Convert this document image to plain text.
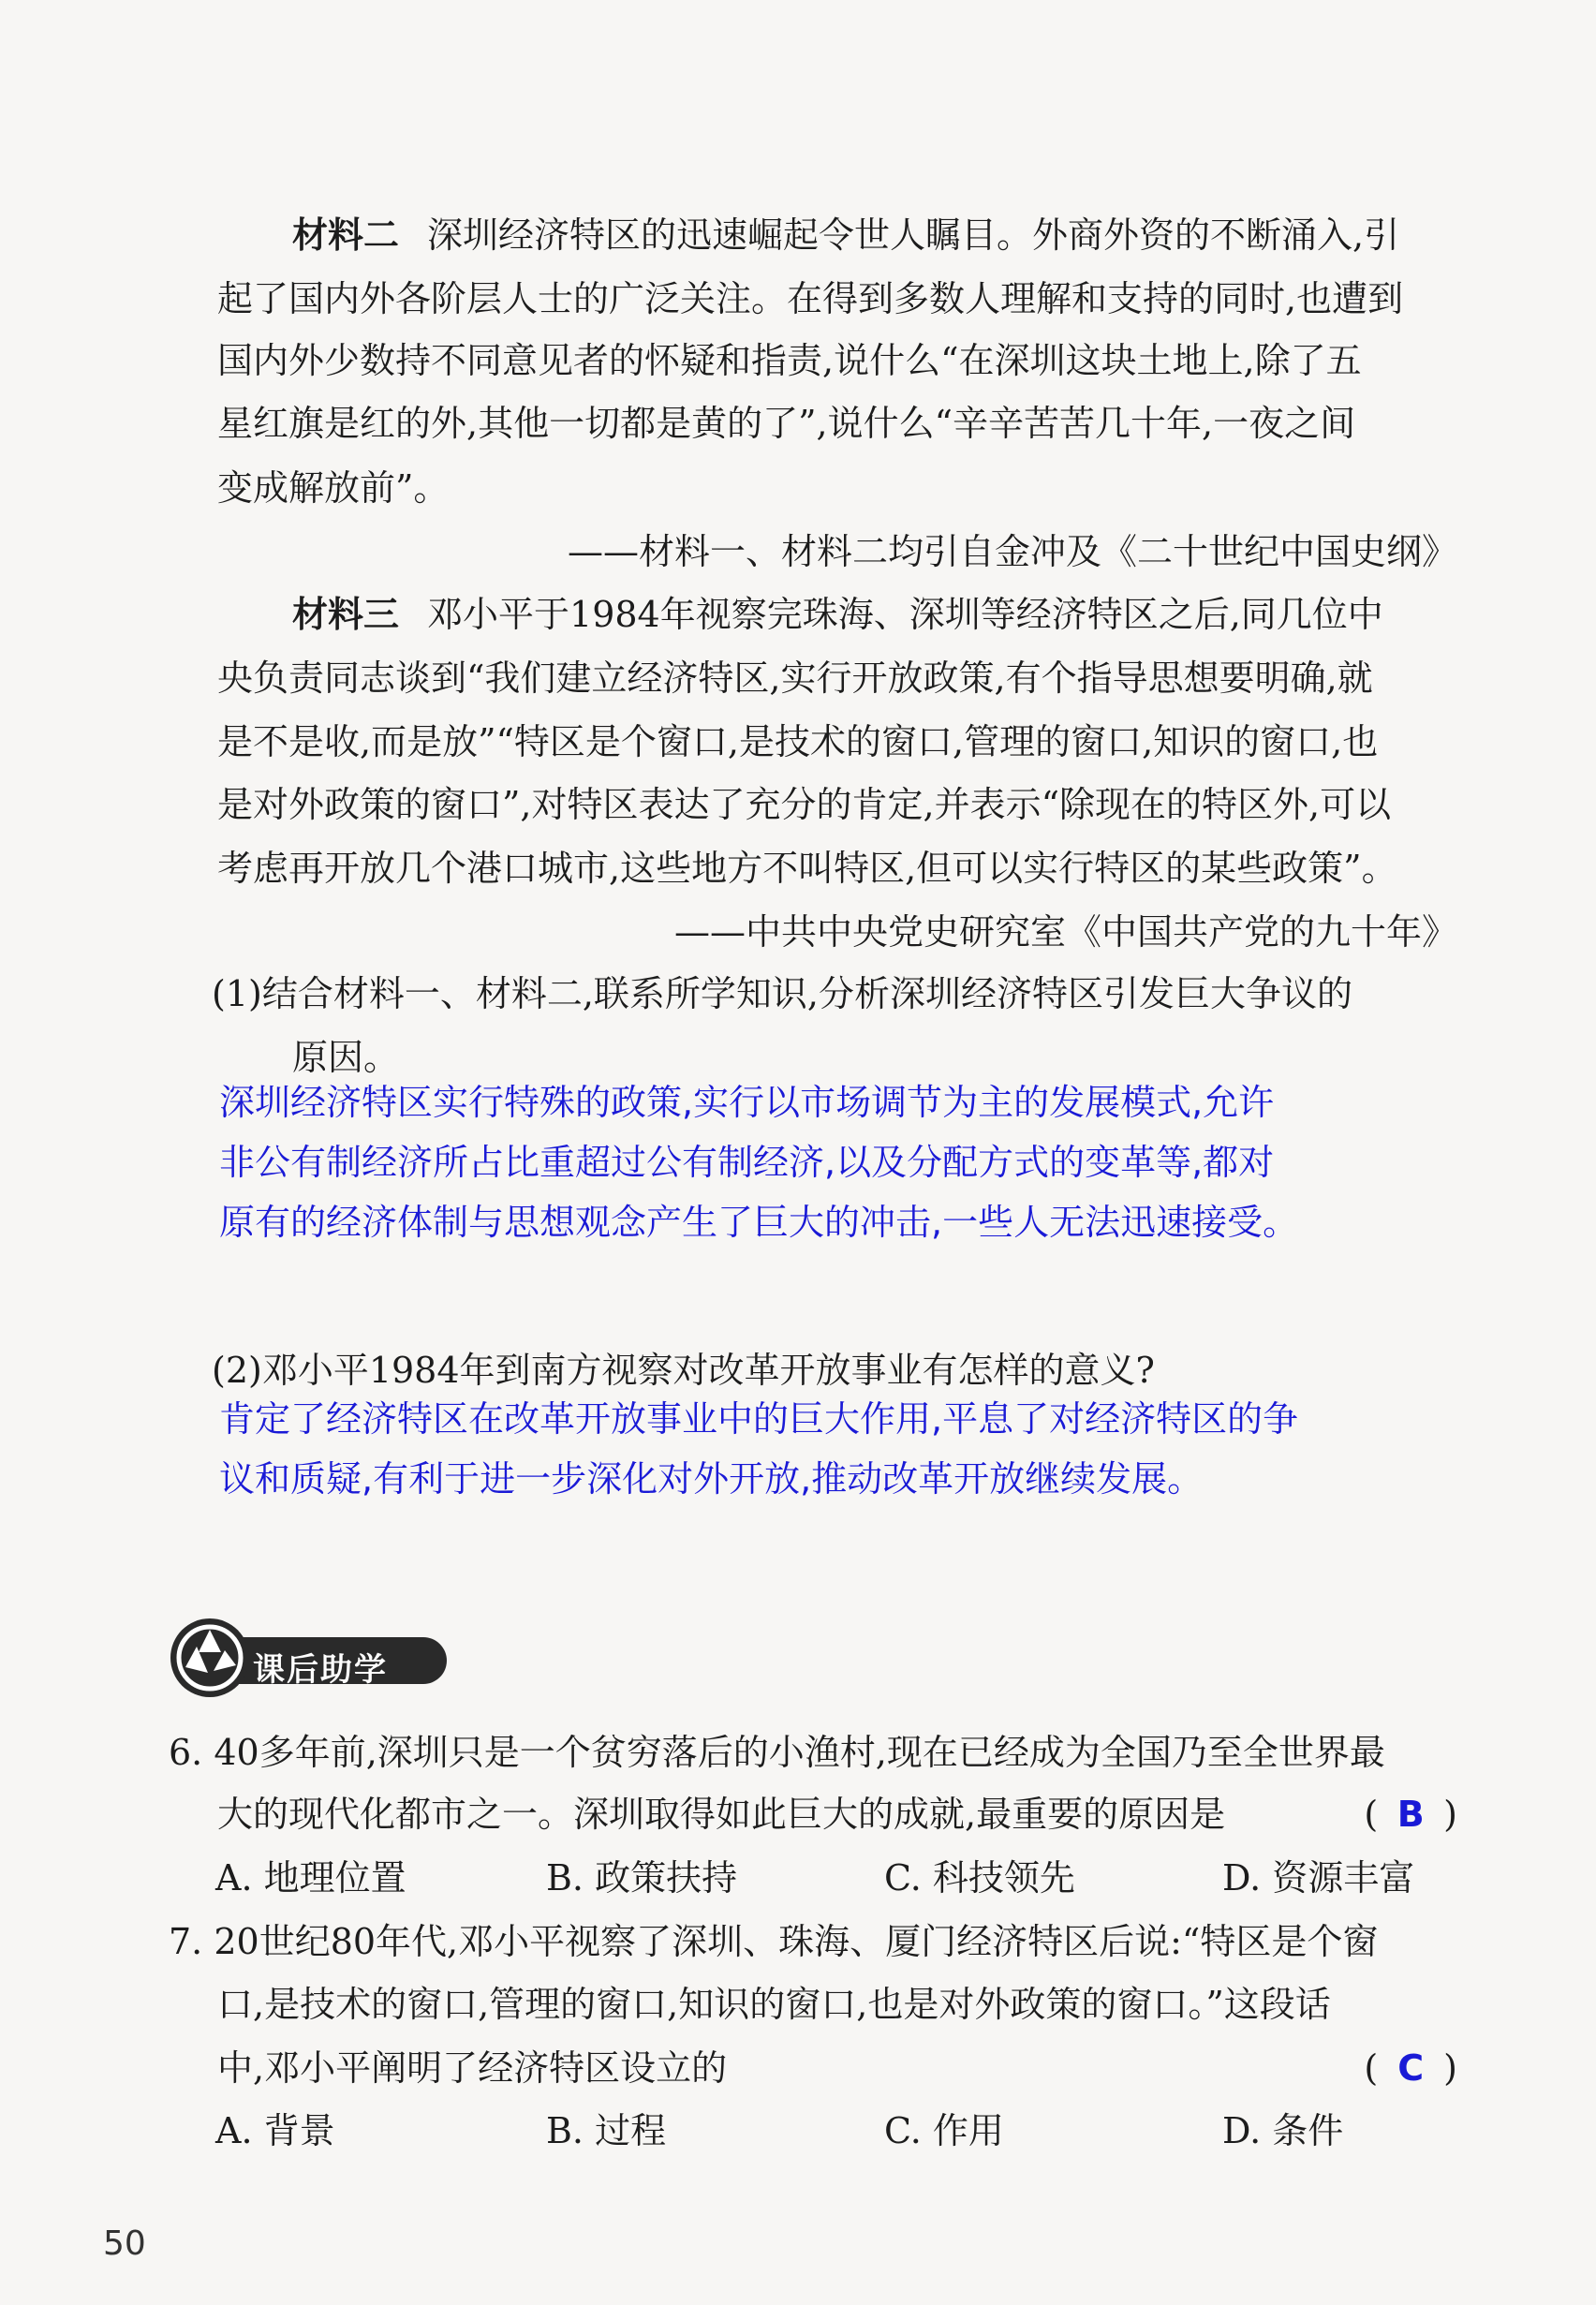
材料二 深圳经济特区的迅速崛起令世人瞩目。外商外资的不断涌入,引

起了国内外各阶层人士的广泛关注。在得到多数人理解和支持的同时,也遭到

国内外少数持不同意见者的怀疑和指责,说什么“在深圳这块土地上,除了五

星红旗是红的外,其他一切都是黄的了”,说什么“辛辛苦苦几十年,一夜之间

变成解放前”。

——材料一、材料二均引自金冲及《二十世纪中国史纲》

材料三 邓小平于1984年视察完珠海、深圳等经济特区之后,同几位中

央负责同志谈到“我们建立经济特区,实行开放政策,有个指导思想要明确,就

是不是收,而是放”“特区是个窗口,是技术的窗口,管理的窗口,知识的窗口,也

是对外政策的窗口”,对特区表达了充分的肯定,并表示“除现在的特区外,可以

考虑再开放几个港口城市,这些地方不叫特区,但可以实行特区的某些政策”。

——中共中央党史研究室《中国共产党的九十年》

(1)结合材料一、材料二,联系所学知识,分析深圳经济特区引发巨大争议的

原因。

深圳经济特区实行特殊的政策,实行以市场调节为主的发展模式,允许
非公有制经济所占比重超过公有制经济,以及分配方式的变革等,都对
原有的经济体制与思想观念产生了巨大的冲击,一些人无法迅速接受。

(2)邓小平1984年到南方视察对改革开放事业有怎样的意义?

肯定了经济特区在改革开放事业中的巨大作用,平息了对经济特区的争
议和质疑,有利于进一步深化对外开放,推动改革开放继续发展。
课后助学

6. 40多年前,深圳只是一个贫穷落后的小渔村,现在已经成为全国乃至全世界最

大的现代化都市之一。深圳取得如此巨大的成就,最重要的原因是	( B )
A. 地理位置	B. 政策扶持	C. 科技领先	D. 资源丰富

7. 20世纪80年代,邓小平视察了深圳、珠海、厦门经济特区后说:“特区是个窗

口,是技术的窗口,管理的窗口,知识的窗口,也是对外政策的窗口。”这段话

中,邓小平阐明了经济特区设立的	( C )
A. 背景	B. 过程	C. 作用	D. 条件
50
